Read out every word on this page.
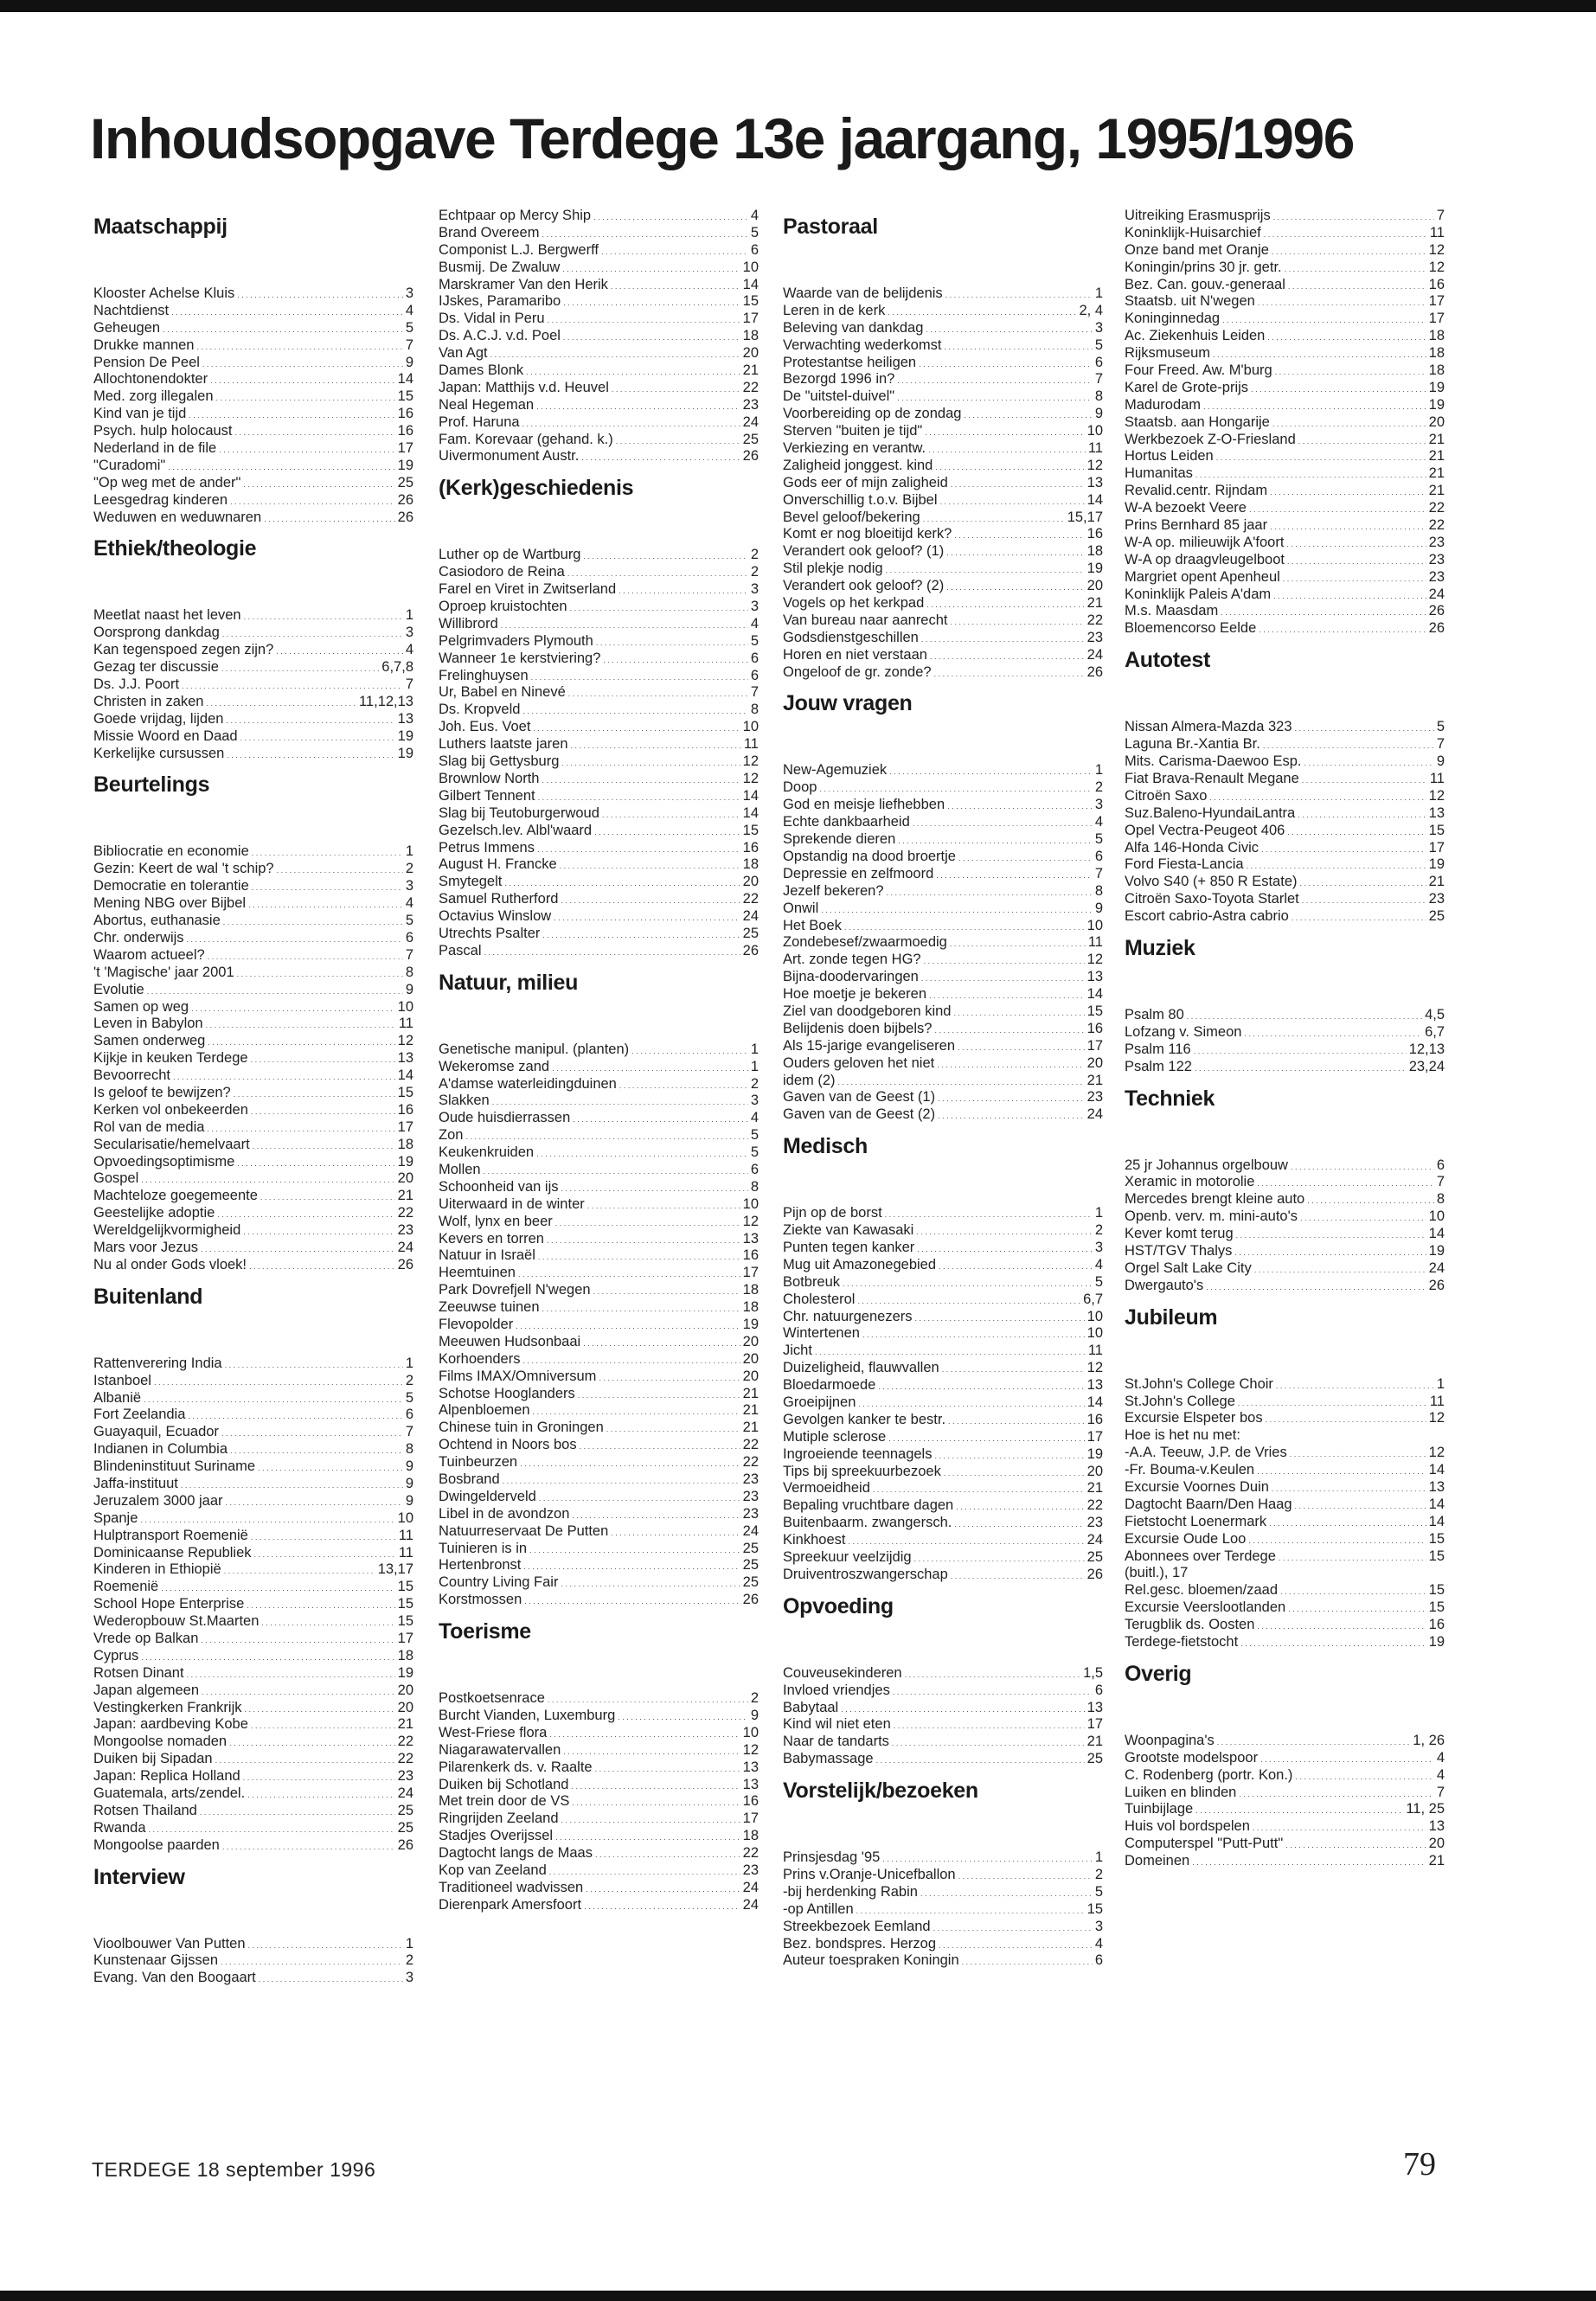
Inhoudsopgave Terdege 13e jaargang, 1995/1996
Maatschappij
Klooster Achelse Kluis . . .	3
Nachtdienst . . .	4
Geheugen . . .	5
Drukke mannen . . .	7
Pension De Peel . . .	9
Allochtonendokter . . .	14
Med. zorg illegalen . . .	15
Kind van je tijd . . .	16
Psych. hulp holocaust . . .	16
Nederland in de file . . .	17
"Curadomi" . . .	19
"Op weg met de ander" . . .	25
Leesgedrag kinderen . . .	26
Weduwen en weduwnaren . . .	26
Ethiek/theologie
Meetlat naast het leven . . .	1
Oorsprong dankdag . . .	3
Kan tegenspoed zegen zijn? . . .	4
Gezag ter discussie . . .	6,7,8
Ds. J.J. Poort . . .	7
Christen in zaken . . .	11,12,13
Goede vrijdag, lijden . . .	13
Missie Woord en Daad . . .	19
Kerkelijke cursussen . . .	19
Beurtelings
Bibliocratie en economie . . .	1
Gezin: Keert de wal 't schip? . . .	2
Democratie en tolerantie . . .	3
Mening NBG over Bijbel . . .	4
Abortus, euthanasie . . .	5
Chr. onderwijs . . .	6
Waarom actueel? . . .	7
't 'Magische' jaar 2001 . . .	8
Evolutie . . .	9
Samen op weg . . .	10
Leven in Babylon . . .	11
Samen onderweg . . .	12
Kijkje in keuken Terdege . . .	13
Bevoorrecht . . .	14
Is geloof te bewijzen? . . .	15
Kerken vol onbekeerden . . .	16
Rol van de media . . .	17
Secularisatie/hemelvaart . . .	18
Opvoedingsoptimisme . . .	19
Gospel . . .	20
Machteloze goegemeente . . .	21
Geestelijke adoptie . . .	22
Wereldgelijkvormigheid . . .	23
Mars voor Jezus . . .	24
Nu al onder Gods vloek! . . .	26
Buitenland
Rattenverering India . . .	1
Istanboel . . .	2
Albanië . . .	5
Fort Zeelandia . . .	6
Guayaquil, Ecuador . . .	7
Indianen in Columbia . . .	8
Blindeninstituut Suriname . . .	9
Jaffa-instituut . . .	9
Jeruzalem 3000 jaar . . .	9
Spanje . . .	10
Hulptransport Roemenië . . .	11
Dominicaanse Republiek . . .	11
Kinderen in Ethiopië . . .	13,17
Roemenië . . .	15
School Hope Enterprise . . .	15
Wederopbouw St.Maarten . . .	15
Vrede op Balkan . . .	17
Cyprus . . .	18
Rotsen Dinant . . .	19
Japan algemeen . . .	20
Vestingkerken Frankrijk . . .	20
Japan: aardbeving Kobe . . .	21
Mongoolse nomaden . . .	22
Duiken bij Sipadan . . .	22
Japan: Replica Holland . . .	23
Guatemala, arts/zendel. . . .	24
Rotsen Thailand . . .	25
Rwanda . . .	25
Mongoolse paarden . . .	26
Interview
Vioolbouwer Van Putten . . .	1
Kunstenaar Gijssen . . .	2
Evang. Van den Boogaart . . .	3
Echtpaar op Mercy Ship . . .	4
Brand Overeem . . .	5
Componist L.J. Bergwerff . . .	6
Busmij. De Zwaluw . . .	10
Marskramer Van den Herik . . .	14
IJskes, Paramaribo . . .	15
Ds. Vidal in Peru . . .	17
Ds. A.C.J. v.d. Poel . . .	18
Van Agt . . .	20
Dames Blonk . . .	21
Japan: Matthijs v.d. Heuvel . . .	22
Neal Hegeman . . .	23
Prof. Haruna . . .	24
Fam. Korevaar (gehand. k.) . . .	25
Uivermonument Austr. . . .	26
(Kerk)geschiedenis
Luther op de Wartburg . . .	2
Casiodoro de Reina . . .	2
Farel en Viret in Zwitserland . . .	3
Oproep kruistochten . . .	3
Willibrord . . .	4
Pelgrimvaders Plymouth . . .	5
Wanneer 1e kerstviering? . . .	6
Frelinghuysen . . .	6
Ur, Babel en Ninevé . . .	7
Ds. Kropveld . . .	8
Joh. Eus. Voet . . .	10
Luthers laatste jaren . . .	11
Slag bij Gettysburg . . .	12
Brownlow North . . .	12
Gilbert Tennent . . .	14
Slag bij Teutoburgerwoud . . .	14
Gezelsch.lev. Albl'waard . . .	15
Petrus Immens . . .	16
August H. Francke . . .	18
Smytegelt . . .	20
Samuel Rutherford . . .	22
Octavius Winslow . . .	24
Utrechts Psalter . . .	25
Pascal . . .	26
Natuur, milieu
Genetische manipul. (planten) . . .	1
Wekeromse zand . . .	1
A'damse waterleidingduinen . . .	2
Slakken . . .	3
Oude huisdierrassen . . .	4
Zon . . .	5
Keukenkruiden . . .	5
Mollen . . .	6
Schoonheid van ijs . . .	8
Uiterwaard in de winter . . .	10
Wolf, lynx en beer . . .	12
Kevers en torren . . .	13
Natuur in Israël . . .	16
Heemtuinen . . .	17
Park Dovrefjell N'wegen . . .	18
Zeeuwse tuinen . . .	18
Flevopolder . . .	19
Meeuwen Hudsonbaai . . .	20
Korhoenders . . .	20
Films IMAX/Omniversum . . .	20
Schotse Hooglanders . . .	21
Alpenbloemen . . .	21
Chinese tuin in Groningen . . .	21
Ochtend in Noors bos . . .	22
Tuinbeurzen . . .	22
Bosbrand . . .	23
Dwingelderveld . . .	23
Libel in de avondzon . . .	23
Natuurreservaat De Putten . . .	24
Tuinieren is in . . .	25
Hertenbronst . . .	25
Country Living Fair . . .	25
Korstmossen . . .	26
Toerisme
Postkoetsenrace . . .	2
Burcht Vianden, Luxemburg . . .	9
West-Friese flora . . .	10
Niagarawatervallen . . .	12
Pilarenkerk ds. v. Raalte . . .	13
Duiken bij Schotland . . .	13
Met trein door de VS . . .	16
Ringrijden Zeeland . . .	17
Stadjes Overijssel . . .	18
Dagtocht langs de Maas . . .	22
Kop van Zeeland . . .	23
Traditioneel wadvissen . . .	24
Dierenpark Amersfoort . . .	24
Pastoraal
Waarde van de belijdenis . . .	1
Leren in de kerk . . .	2, 4
Beleving van dankdag . . .	3
Verwachting wederkomst . . .	5
Protestantse heiligen . . .	6
Bezorgd 1996 in? . . .	7
De "uitstel-duivel" . . .	8
Voorbereiding op de zondag . . .	9
Sterven "buiten je tijd" . . .	10
Verkiezing en verantw. . . .	11
Zaligheid jonggest. kind . . .	12
Gods eer of mijn zaligheid . . .	13
Onverschillig t.o.v. Bijbel . . .	14
Bevel geloof/bekering . . .	15,17
Komt er nog bloeitijd kerk? . . .	16
Verandert ook geloof? (1) . . .	18
Stil plekje nodig . . .	19
Verandert ook geloof? (2) . . .	20
Vogels op het kerkpad . . .	21
Van bureau naar aanrecht . . .	22
Godsdienstgeschillen . . .	23
Horen en niet verstaan . . .	24
Ongeloof de gr. zonde? . . .	26
Jouw vragen
New-Agemuziek . . .	1
Doop . . .	2
God en meisje liefhebben . . .	3
Echte dankbaarheid . . .	4
Sprekende dieren . . .	5
Opstandig na dood broertje . . .	6
Depressie en zelfmoord . . .	7
Jezelf bekeren? . . .	8
Onwil . . .	9
Het Boek . . .	10
Zondebesef/zwaarmoedig . . .	11
Art. zonde tegen HG? . . .	12
Bijna-doodervaringen . . .	13
Hoe moetje je bekeren . . .	14
Ziel van doodgeboren kind . . .	15
Belijdenis doen bijbels? . . .	16
Als 15-jarige evangeliseren . . .	17
Ouders geloven het niet . . .	20
idem (2) . . .	21
Gaven van de Geest (1) . . .	23
Gaven van de Geest (2) . . .	24
Medisch
Pijn op de borst . . .	1
Ziekte van Kawasaki . . .	2
Punten tegen kanker . . .	3
Mug uit Amazonegebied . . .	4
Botbreuk . . .	5
Cholesterol . . .	6,7
Chr. natuurgenezers . . .	10
Wintertenen . . .	10
Jicht . . .	11
Duizeligheid, flauwvallen . . .	12
Bloedarmoede . . .	13
Groeipijnen . . .	14
Gevolgen kanker te bestr. . . .	16
Mutiple sclerose . . .	17
Ingroeiende teennagels . . .	19
Tips bij spreekuurbezoek . . .	20
Vermoeidheid . . .	21
Bepaling vruchtbare dagen . . .	22
Buitenbaarm. zwangersch. . . .	23
Kinkhoest . . .	24
Spreekuur veelzijdig . . .	25
Druiventroszwangerschap . . .	26
Opvoeding
Couveusekinderen . . .	1,5
Invloed vriendjes . . .	6
Babytaal . . .	13
Kind wil niet eten . . .	17
Naar de tandarts . . .	21
Babymassage . . .	25
Vorstelijk/bezoeken
Prinsjesdag '95 . . .	1
Prins v.Oranje-Unicefballon . . .	2
-bij herdenking Rabin . . .	5
-op Antillen . . .	15
Streekbezoek Eemland . . .	3
Bez. bondspres. Herzog . . .	4
Auteur toespraken Koningin . . .	6
Uitreiking Erasmusprijs . . .	7
Koninklijk-Huisarchief . . .	11
Onze band met Oranje . . .	12
Koningin/prins 30 jr. getr. . . .	12
Bez. Can. gouv.-generaal . . .	16
Staatsb. uit N'wegen . . .	17
Koninginnedag . . .	17
Ac. Ziekenhuis Leiden . . .	18
Rijksmuseum . . .	18
Four Freed. Aw. M'burg . . .	18
Karel de Grote-prijs . . .	19
Madurodam . . .	19
Staatsb. aan Hongarije . . .	20
Werkbezoek Z-O-Friesland . . .	21
Hortus Leiden . . .	21
Humanitas . . .	21
Revalid.centr. Rijndam . . .	21
W-A bezoekt Veere . . .	22
Prins Bernhard 85 jaar . . .	22
W-A op. milieuwijk A'foort . . .	23
W-A op draagvleugelboot . . .	23
Margriet opent Apenheul . . .	23
Koninklijk Paleis A'dam . . .	24
M.s. Maasdam . . .	26
Bloemencorso Eelde . . .	26
Autotest
Nissan Almera-Mazda 323 . . .	5
Laguna Br.-Xantia Br. . . .	7
Mits. Carisma-Daewoo Esp. . . .	9
Fiat Brava-Renault Megane . . .	11
Citroën Saxo . . .	12
Suz.Baleno-HyundaiLantra . . .	13
Opel Vectra-Peugeot 406 . . .	15
Alfa 146-Honda Civic . . .	17
Ford Fiesta-Lancia . . .	19
Volvo S40 (+ 850 R Estate) . . .	21
Citroën Saxo-Toyota Starlet . . .	23
Escort cabrio-Astra cabrio . . .	25
Muziek
Psalm 80 . . .	4,5
Lofzang v. Simeon . . .	6,7
Psalm 116 . . .	12,13
Psalm 122 . . .	23,24
Techniek
25 jr Johannus orgelbouw . . .	6
Xeramic in motorolie . . .	7
Mercedes brengt kleine auto . . .	8
Openb. verv. m. mini-auto's . . .	10
Kever komt terug . . .	14
HST/TGV Thalys . . .	19
Orgel Salt Lake City . . .	24
Dwergauto's . . .	26
Jubileum
St.John's College Choir . . .	1
St.John's College . . .	11
Excursie Elspeter bos . . .	12
Hoe is het nu met:
-A.A. Teeuw, J.P. de Vries . . .	12
-Fr. Bouma-v.Keulen . . .	14
Excursie Voornes Duin . . .	13
Dagtocht Baarn/Den Haag . . .	14
Fietstocht Loenermark . . .	14
Excursie Oude Loo . . .	15
Abonnees over Terdege . . .	15
(buitl.), 17
Rel.gesc. bloemen/zaad . . .	15
Excursie Veerslootlanden . . .	15
Terugblik ds. Oosten . . .	16
Terdege-fietstocht . . .	19
Overig
Woonpagina's . . .	1, 26
Grootste modelspoor . . .	4
C. Rodenberg (portr. Kon.) . . .	4
Luiken en blinden . . .	7
Tuinbijlage . . .	11, 25
Huis vol bordspelen . . .	13
Computerspel "Putt-Putt" . . .	20
Domeinen . . .	21
TERDEGE 18 september 1996	79
